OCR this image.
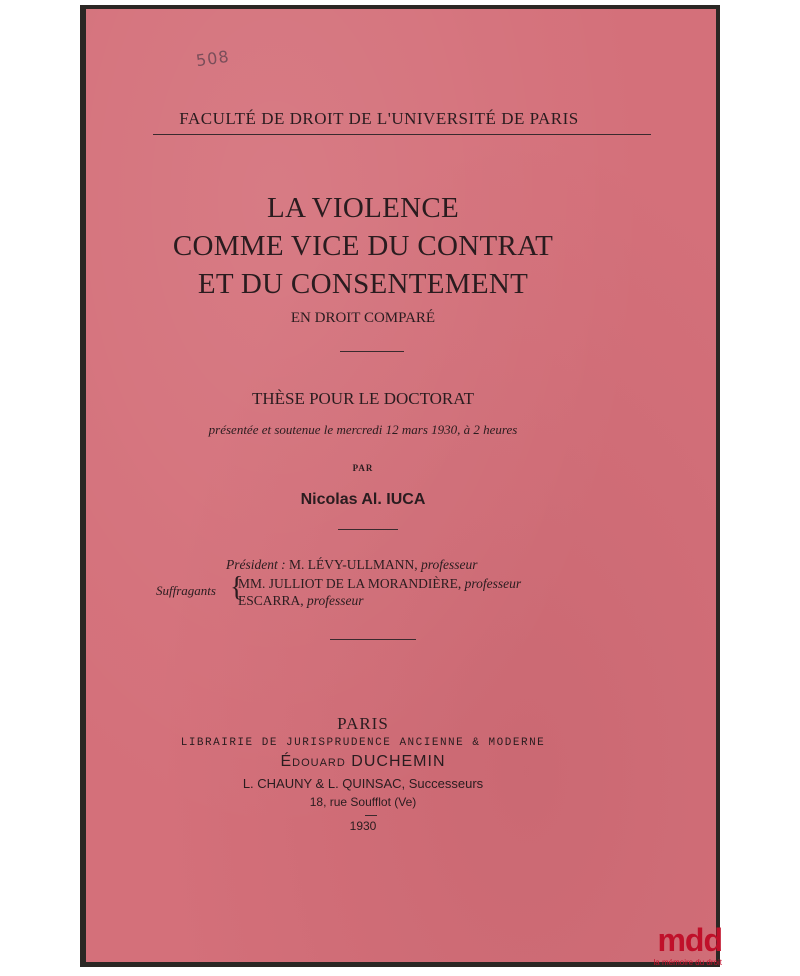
508
FACULTÉ DE DROIT DE L'UNIVERSITÉ DE PARIS
LA VIOLENCE
COMME VICE DU CONTRAT
ET DU CONSENTEMENT
EN DROIT COMPARÉ
THÈSE POUR LE DOCTORAT
présentée et soutenue le mercredi 12 mars 1930, à 2 heures
PAR
Nicolas Al. IUCA
Président : M. LÉVY-ULLMANN, professeur
Suffragants {
MM. JULLIOT DE LA MORANDIÈRE, professeur
ESCARRA, professeur
PARIS
LIBRAIRIE DE JURISPRUDENCE ANCIENNE & MODERNE
ÉDOUARD DUCHEMIN
L. CHAUNY & L. QUINSAC, Successeurs
18, rue Soufflot (Ve)
1930
mdd
la mémoire du droit
